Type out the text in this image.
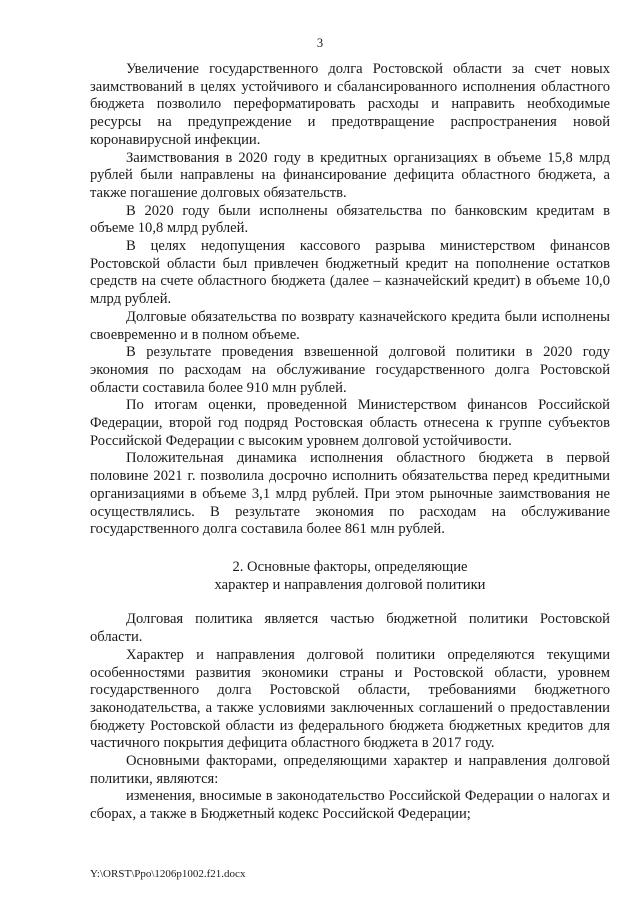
3

Увеличение государственного долга Ростовской области за счет новых заимствований в целях устойчивого и сбалансированного исполнения областного бюджета позволило переформатировать расходы и направить необходимые ресурсы на предупреждение и предотвращение распространения новой коронавирусной инфекции.

Заимствования в 2020 году в кредитных организациях в объеме 15,8 млрд рублей были направлены на финансирование дефицита областного бюджета, а также погашение долговых обязательств.

В 2020 году были исполнены обязательства по банковским кредитам в объеме 10,8 млрд рублей.

В целях недопущения кассового разрыва министерством финансов Ростовской области был привлечен бюджетный кредит на пополнение остатков средств на счете областного бюджета (далее – казначейский кредит) в объеме 10,0 млрд рублей.

Долговые обязательства по возврату казначейского кредита были исполнены своевременно и в полном объеме.

В результате проведения взвешенной долговой политики в 2020 году экономия по расходам на обслуживание государственного долга Ростовской области составила более 910 млн рублей.

По итогам оценки, проведенной Министерством финансов Российской Федерации, второй год подряд Ростовская область отнесена к группе субъектов Российской Федерации с высоким уровнем долговой устойчивости.

Положительная динамика исполнения областного бюджета в первой половине 2021 г. позволила досрочно исполнить обязательства перед кредитными организациями в объеме 3,1 млрд рублей. При этом рыночные заимствования не осуществлялись. В результате экономия по расходам на обслуживание государственного долга составила более 861 млн рублей.

2. Основные факторы, определяющие

характер и направления долговой политики

Долговая политика является частью бюджетной политики Ростовской области.

Характер и направления долговой политики определяются текущими особенностями развития экономики страны и Ростовской области, уровнем государственного долга Ростовской области, требованиями бюджетного законодательства, а также условиями заключенных соглашений о предоставлении бюджету Ростовской области из федерального бюджета бюджетных кредитов для частичного покрытия дефицита областного бюджета в 2017 году.

Основными факторами, определяющими характер и направления долговой политики, являются:

изменения, вносимые в законодательство Российской Федерации о налогах и сборах, а также в Бюджетный кодекс Российской Федерации;

Y:\ORST\Ppo\1206p1002.f21.docx
